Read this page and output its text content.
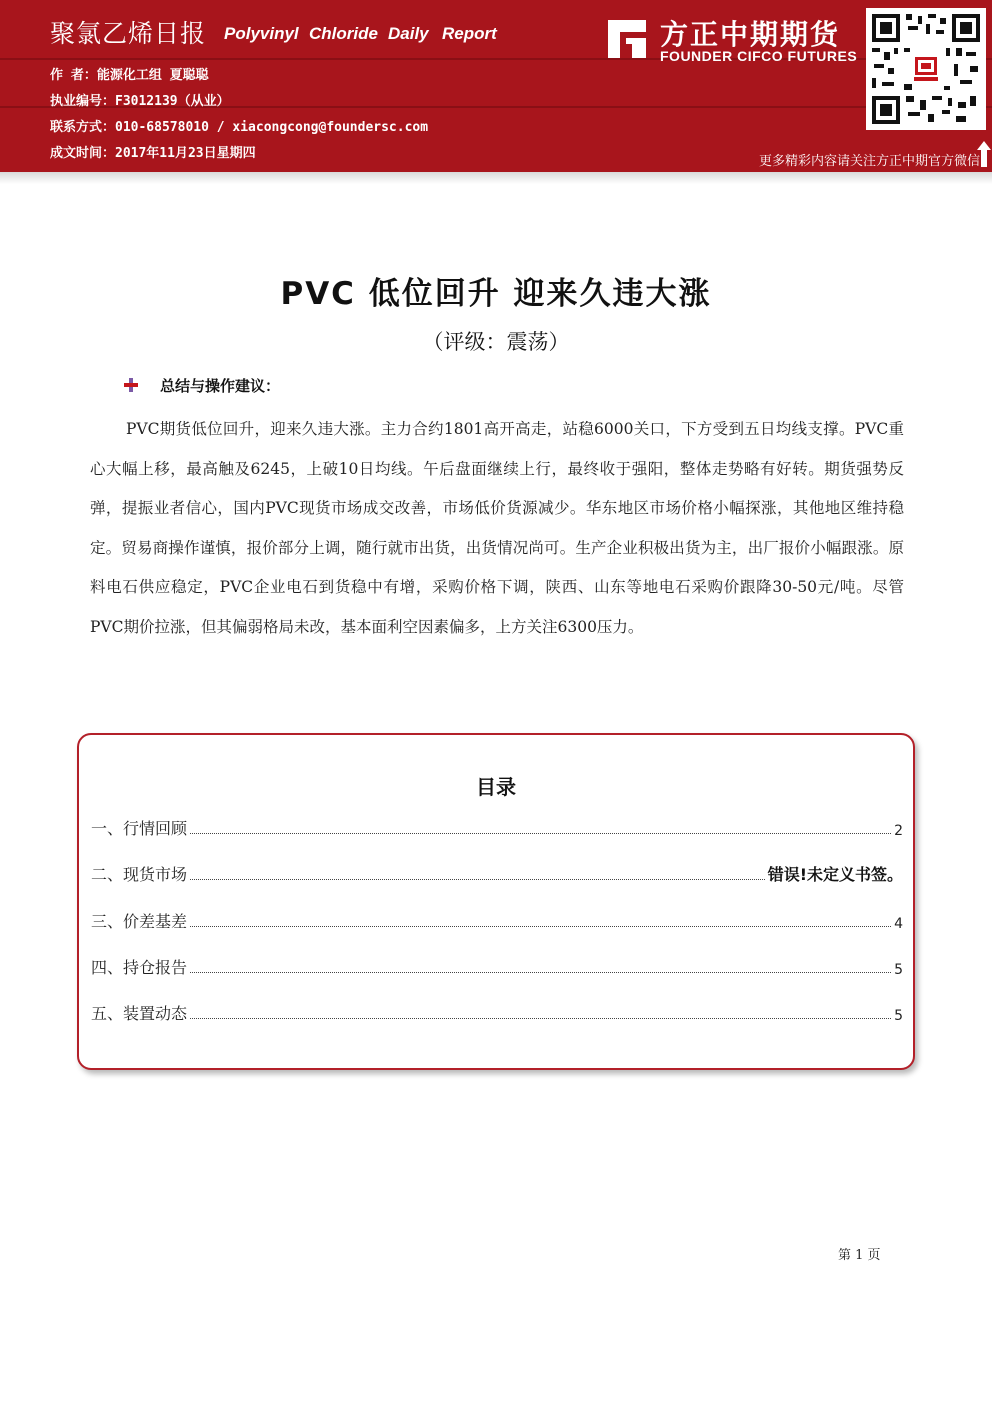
聚氯乙烯日报 Polyvinyl Chloride Daily Report
作 者：能源化工组 夏聪聪
执业编号：F3012139（从业）
联系方式：010-68578010 / xiacongcong@foundersc.com
成文时间：2017年11月23日星期四
方正中期期货
FOUNDER CIFCO FUTURES
更多精彩内容请关注方正中期官方微信
PVC 低位回升 迎来久违大涨
（评级：震荡）
总结与操作建议：
PVC期货低位回升，迎来久违大涨。主力合约1801高开高走，站稳6000关口，下方受到五日均线支撑。PVC重心大幅上移，最高触及6245，上破10日均线。午后盘面继续上行，最终收于强阳，整体走势略有好转。期货强势反弹，提振业者信心，国内PVC现货市场成交改善，市场低价货源减少。华东地区市场价格小幅探涨，其他地区维持稳定。贸易商操作谨慎，报价部分上调，随行就市出货，出货情况尚可。生产企业积极出货为主，出厂报价小幅跟涨。原料电石供应稳定，PVC企业电石到货稳中有增，采购价格下调，陕西、山东等地电石采购价跟降30-50元/吨。尽管PVC期价拉涨，但其偏弱格局未改，基本面利空因素偏多，上方关注6300压力。
目录
一、行情回顾	2
二、现货市场	错误!未定义书签。
三、价差基差	4
四、持仓报告	5
五、装置动态	5
第 1 页
